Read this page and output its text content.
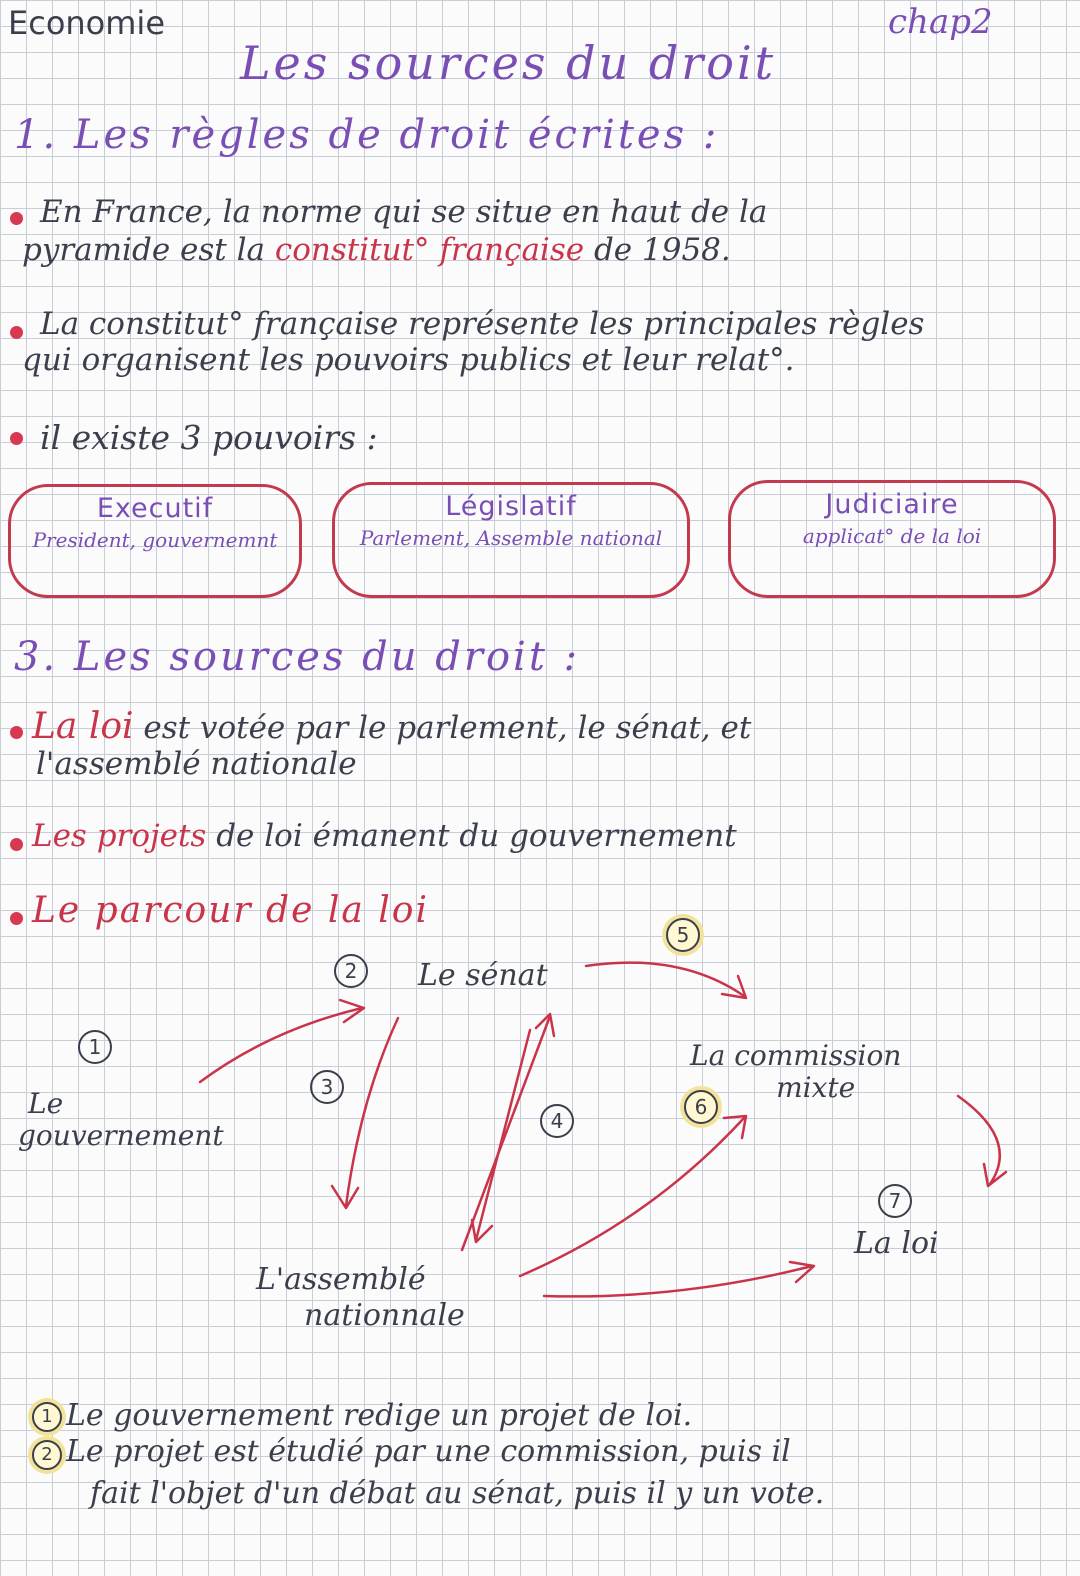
Economie	chap2
Les sources du droit
1. Les règles de droit écrites :
En France, la norme qui se situe en haut de la
pyramide est la constitut° française de 1958.
La constitut° française représente les principales règles
qui organisent les pouvoirs publics et leur relat°.
il existe 3 pouvoirs :
Executif
President, gouvernemnt
Législatif
Parlement, Assemble national
Judiciaire
applicat° de la loi
3. Les sources du droit :
La loi est votée par le parlement, le sénat, et
l'assemblé nationale
Les projets de loi émanent du gouvernement
Le parcour de la loi
Le
gouvernement
Le sénat
La commission
mixte
La loi
L'assemblé
nationnale
1
2
3
4
5
6
7
1 Le gouvernement redige un projet de loi.
2 Le projet est étudié par une commission, puis il
fait l'objet d'un débat au sénat, puis il y un vote.
